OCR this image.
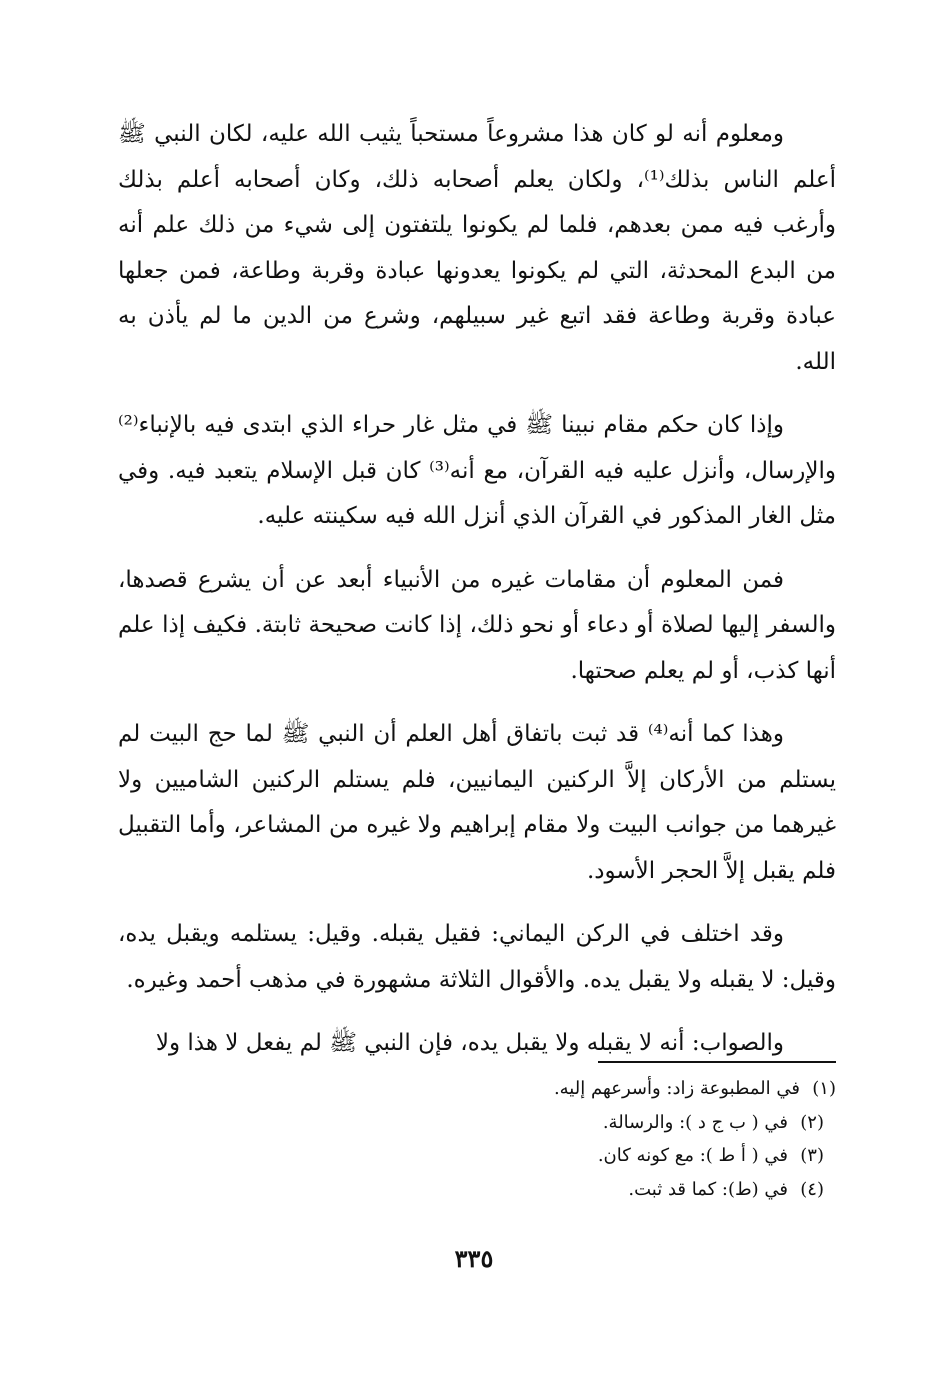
ومعلوم أنه لو كان هذا مشروعاً مستحباً يثيب الله عليه، لكان النبي ﷺ أعلم الناس بذلك⁽¹⁾، ولكان يعلم أصحابه ذلك، وكان أصحابه أعلم بذلك وأرغب فيه ممن بعدهم، فلما لم يكونوا يلتفتون إلى شيء من ذلك علم أنه من البدع المحدثة، التي لم يكونوا يعدونها عبادة وقربة وطاعة، فمن جعلها عبادة وقربة وطاعة فقد اتبع غير سبيلهم، وشرع من الدين ما لم يأذن به الله.

وإذا كان حكم مقام نبينا ﷺ في مثل غار حراء الذي ابتدى فيه بالإنباء⁽²⁾ والإرسال، وأنزل عليه فيه القرآن، مع أنه⁽³⁾ كان قبل الإسلام يتعبد فيه. وفي مثل الغار المذكور في القرآن الذي أنزل الله فيه سكينته عليه.

فمن المعلوم أن مقامات غيره من الأنبياء أبعد عن أن يشرع قصدها، والسفر إليها لصلاة أو دعاء أو نحو ذلك، إذا كانت صحيحة ثابتة. فكيف إذا علم أنها كذب، أو لم يعلم صحتها.

وهذا كما أنه⁽⁴⁾ قد ثبت باتفاق أهل العلم أن النبي ﷺ لما حج البيت لم يستلم من الأركان إلاَّ الركنين اليمانيين، فلم يستلم الركنين الشاميين ولا غيرهما من جوانب البيت ولا مقام إبراهيم ولا غيره من المشاعر، وأما التقبيل فلم يقبل إلاَّ الحجر الأسود.

وقد اختلف في الركن اليماني: فقيل يقبله. وقيل: يستلمه ويقبل يده، وقيل: لا يقبله ولا يقبل يده. والأقوال الثلاثة مشهورة في مذهب أحمد وغيره.

والصواب: أنه لا يقبله ولا يقبل يده، فإن النبي ﷺ لم يفعل لا هذا ولا

(١)في المطبوعة زاد: وأسرعهم إليه.
(٢)في ( ب ج د ): والرسالة.
(٣)في ( أ ط ): مع كونه كان.
(٤)في (ط): كما قد ثبت.
٣٣٥
